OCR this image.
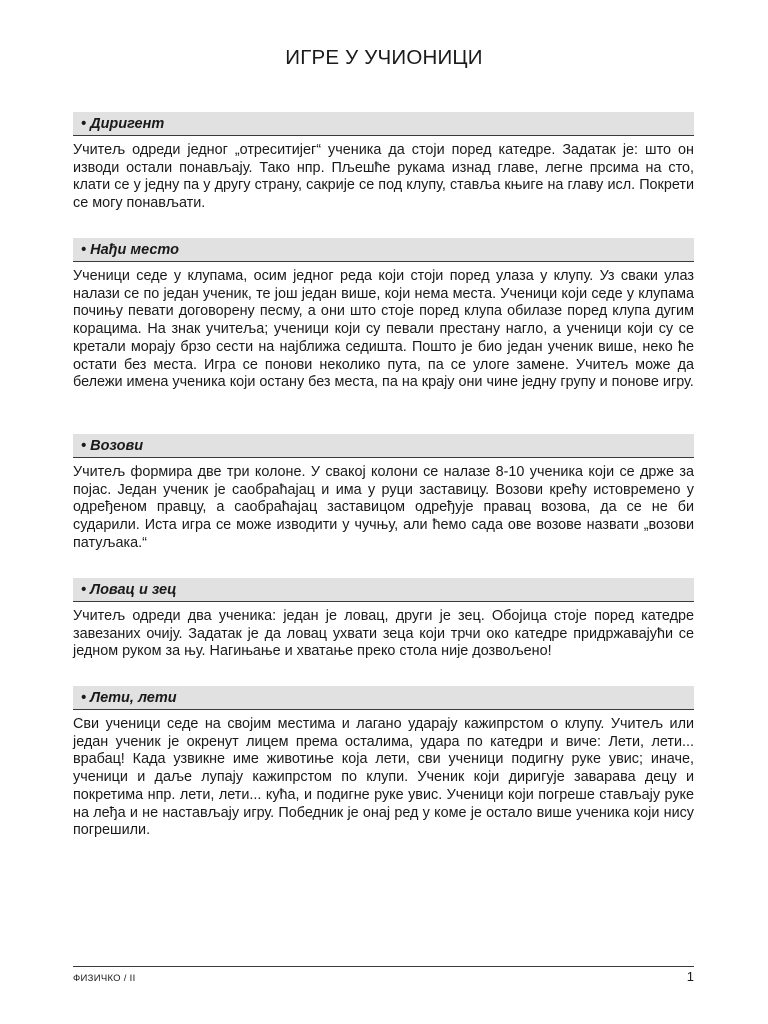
ИГРЕ У УЧИОНИЦИ
• Диригент
Учитељ одреди једног „отреситијег“ ученика да стоји поред катедре. Задатак је: што он изводи остали понављају. Тако нпр. Пљешће рукама изнад главе, легне прсима на сто, клати се у једну па у другу страну, сакрије се под клупу, ставља књиге на главу исл. Покрети се могу понављати.
• Нађи место
Ученици седе у клупама, осим једног реда који стоји поред улаза у клупу. Уз сваки улаз налази се по један ученик, те још један више, који нема места. Ученици који седе у клупама почињу певати договорену песму, а они што стоје поред клупа обилазе поред клупа дугим корацима. На знак учитеља; ученици који су певали престану нагло, а ученици који су се кретали морају брзо сести на најближа седишта. Пошто је био један ученик више, неко ће остати без места. Игра се понови неколико пута, па се улоге замене. Учитељ може да бележи имена ученика који остану без места, па на крају они чине једну групу и понове игру.
• Возови
Учитељ формира две три колоне. У свакој колони се налазе 8-10 ученика који се држе за појас. Један ученик је саобраћајац и има у руци заставицу. Возови крећу истовремено у одређеном правцу, а саобраћајац заставицом одређује правац возова, да се не би сударили. Иста игра се може изводити у чучњу, али ћемо сада ове возове назвати „возови патуљака.“
• Ловац и зец
Учитељ одреди два ученика: један је ловац, други је зец. Обојица стоје поред катедре завезаних очију. Задатак је да ловац ухвати зеца који трчи око катедре придржавајући се једном руком за њу. Нагињање и хватање преко стола није дозвољено!
• Лети, лети
Сви ученици седе на својим местима и лагано ударају кажипрстом о клупу. Учитељ или један ученик је окренут лицем према осталима, удара по катедри и виче: Лети, лети... врабац! Када узвикне име животиње која лети, сви ученици подигну руке увис; иначе, ученици и даље лупају кажипрстом по клупи. Ученик који диригује заварава децу и покретима нпр. лети, лети... кућа, и подигне руке увис. Ученици који погреше стављају руке на леђа и не настављају игру. Победник је онај ред у коме је остало више ученика који нису погрешили.
ФИЗИЧКО / II	1
